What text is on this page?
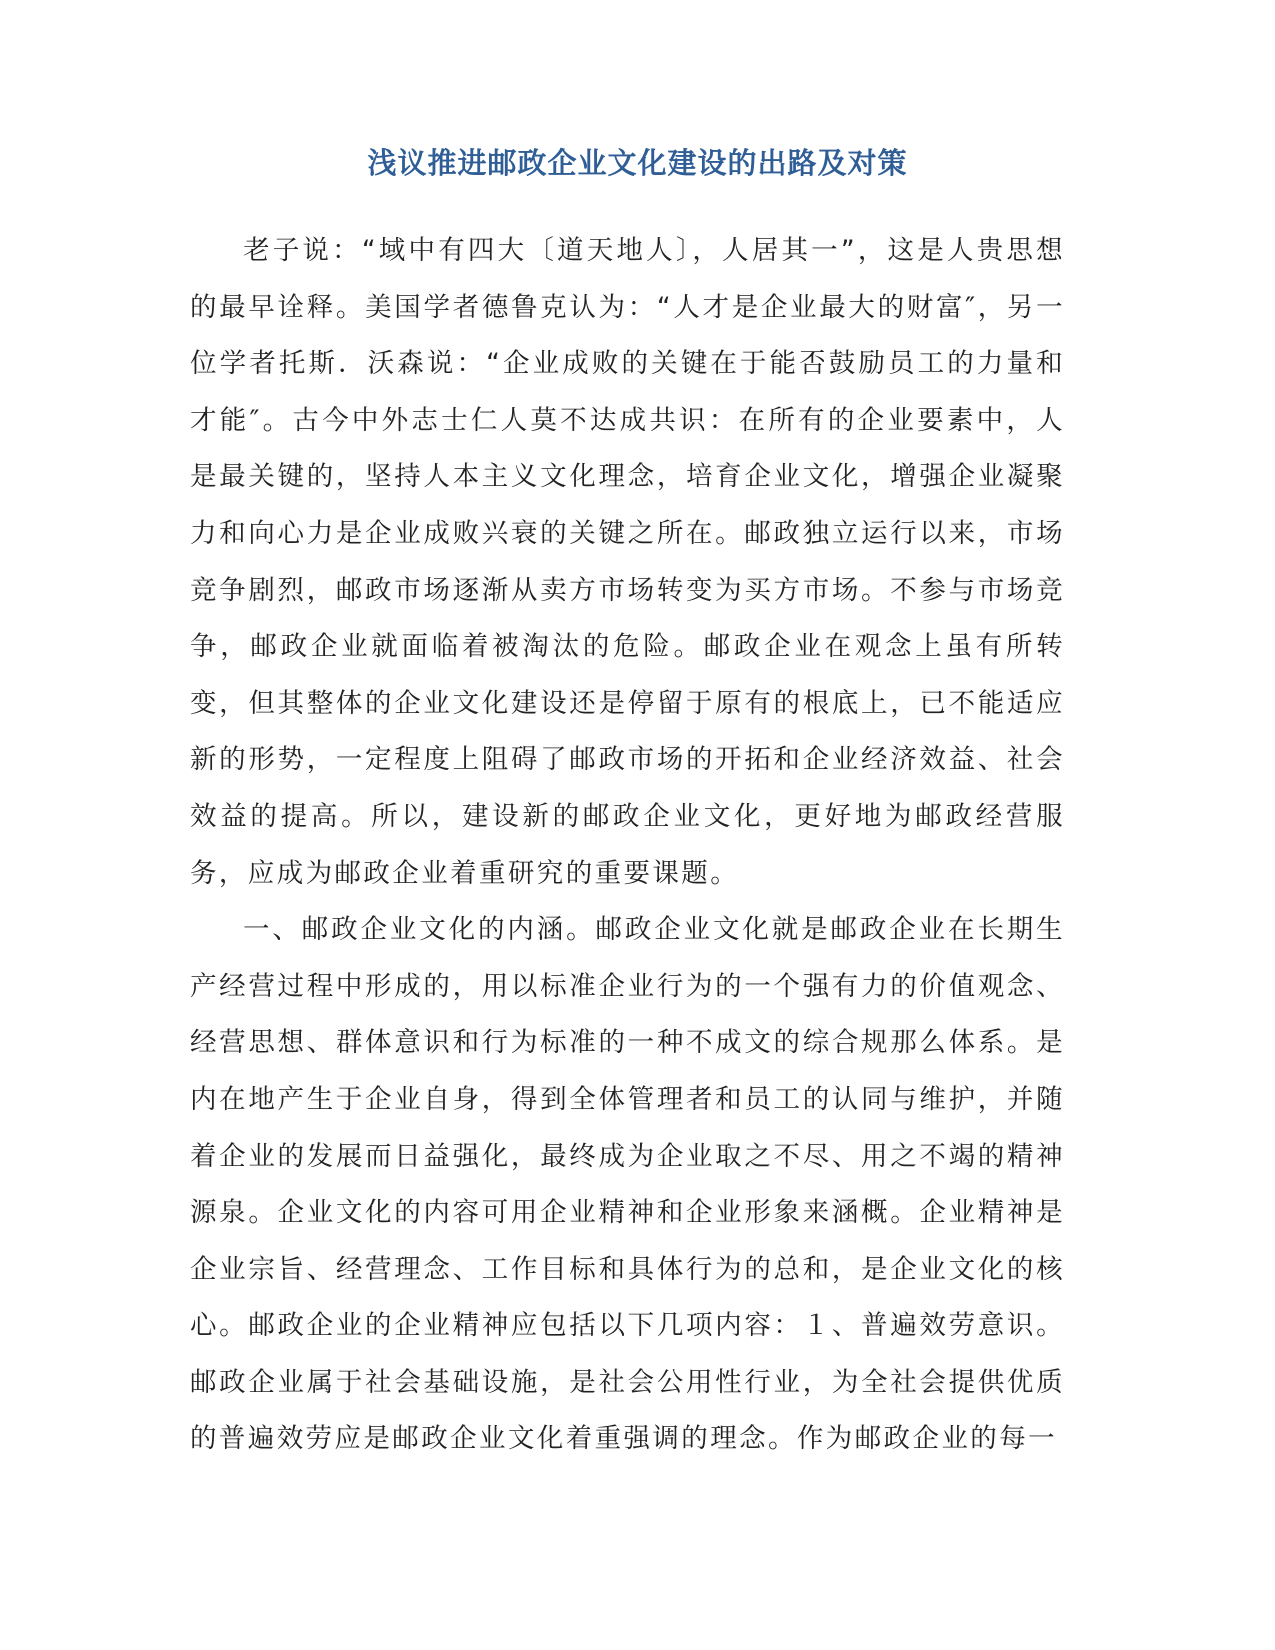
浅议推进邮政企业文化建设的出路及对策

老子说：“域中有四大〔道天地人〕，人居其一”，这是人贵思想的最早诠释。美国学者德鲁克认为：“人才是企业最大的财富″，另一位学者托斯．沃森说：“企业成败的关键在于能否鼓励员工的力量和才能″。古今中外志士仁人莫不达成共识：在所有的企业要素中，人是最关键的，坚持人本主义文化理念，培育企业文化，增强企业凝聚力和向心力是企业成败兴衰的关键之所在。邮政独立运行以来，市场竞争剧烈，邮政市场逐渐从卖方市场转变为买方市场。不参与市场竞争，邮政企业就面临着被淘汰的危险。邮政企业在观念上虽有所转变，但其整体的企业文化建设还是停留于原有的根底上，已不能适应新的形势，一定程度上阻碍了邮政市场的开拓和企业经济效益、社会效益的提高。所以，建设新的邮政企业文化，更好地为邮政经营服务，应成为邮政企业着重研究的重要课题。

一、邮政企业文化的内涵。邮政企业文化就是邮政企业在长期生产经营过程中形成的，用以标准企业行为的一个强有力的价值观念、经营思想、群体意识和行为标准的一种不成文的综合规那么体系。是内在地产生于企业自身，得到全体管理者和员工的认同与维护，并随着企业的发展而日益强化，最终成为企业取之不尽、用之不竭的精神源泉。企业文化的内容可用企业精神和企业形象来涵概。企业精神是企业宗旨、经营理念、工作目标和具体行为的总和，是企业文化的核心。邮政企业的企业精神应包括以下几项内容：１、普遍效劳意识。邮政企业属于社会基础设施，是社会公用性行业，为全社会提供优质的普遍效劳应是邮政企业文化着重强调的理念。作为邮政企业的每一
